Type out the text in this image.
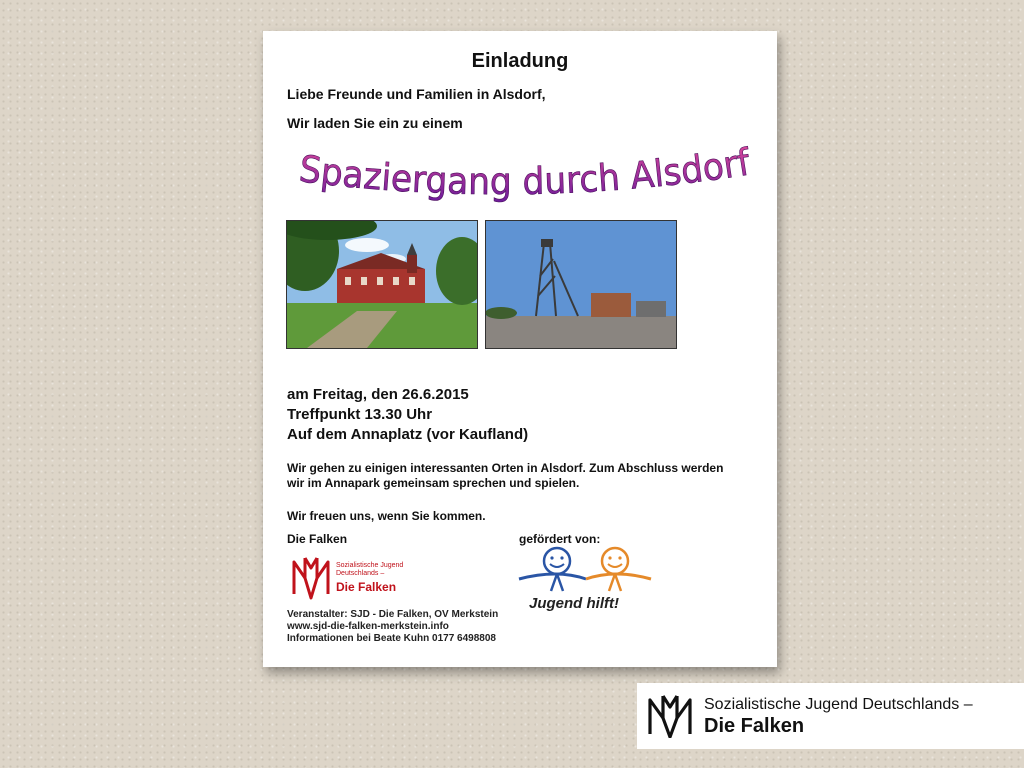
Einladung
Liebe Freunde und Familien in Alsdorf,
Wir laden Sie ein zu einem
Spaziergang durch Alsdorf
am Freitag, den 26.6.2015
Treffpunkt 13.30 Uhr
Auf dem Annaplatz (vor Kaufland)
Wir gehen zu einigen interessanten Orten in Alsdorf. Zum Abschluss werden
wir im Annapark gemeinsam sprechen und spielen.
Wir freuen uns, wenn Sie kommen.
Die Falken	gefördert von:
Sozialistische Jugend
Deutschlands –
Die Falken
Jugend hilft!
Veranstalter: SJD - Die Falken, OV Merkstein
www.sjd-die-falken-merkstein.info
Informationen bei Beate Kuhn 0177 6498808
Sozialistische Jugend Deutschlands –
Die Falken
